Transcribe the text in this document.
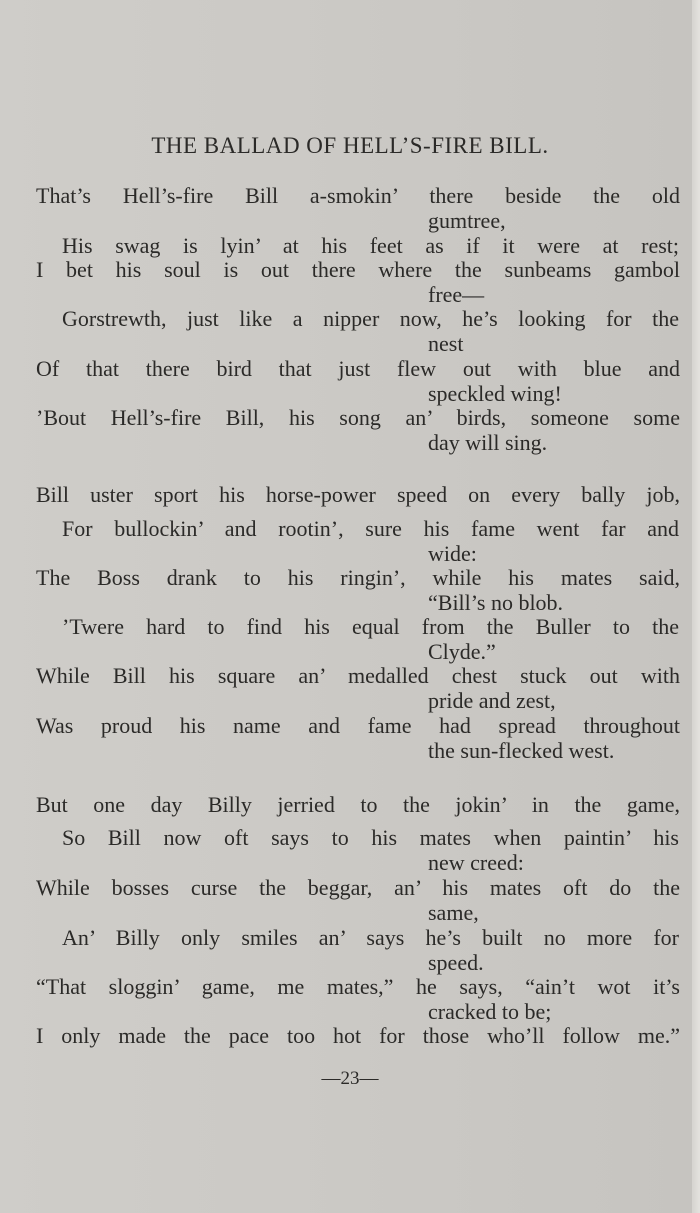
THE BALLAD OF HELL’S-FIRE BILL.
That’s Hell’s-fire Bill a-smokin’ there beside the old
gumtree,
His swag is lyin’ at his feet as if it were at rest;
I bet his soul is out there where the sunbeams gambol
free—
Gorstrewth, just like a nipper now, he’s looking for the
nest
Of that there bird that just flew out with blue and
speckled wing!
’Bout Hell’s-fire Bill, his song an’ birds, someone some
day will sing.
Bill uster sport his horse-power speed on every bally job,
For bullockin’ and rootin’, sure his fame went far and
wide:
The Boss drank to his ringin’, while his mates said,
“Bill’s no blob.
’Twere hard to find his equal from the Buller to the
Clyde.”
While Bill his square an’ medalled chest stuck out with
pride and zest,
Was proud his name and fame had spread throughout
the sun-flecked west.
But one day Billy jerried to the jokin’ in the game,
So Bill now oft says to his mates when paintin’ his
new creed:
While bosses curse the beggar, an’ his mates oft do the
same,
An’ Billy only smiles an’ says he’s built no more for
speed.
“That sloggin’ game, me mates,” he says, “ain’t wot it’s
cracked to be;
I only made the pace too hot for those who’ll follow me.”
—23—
